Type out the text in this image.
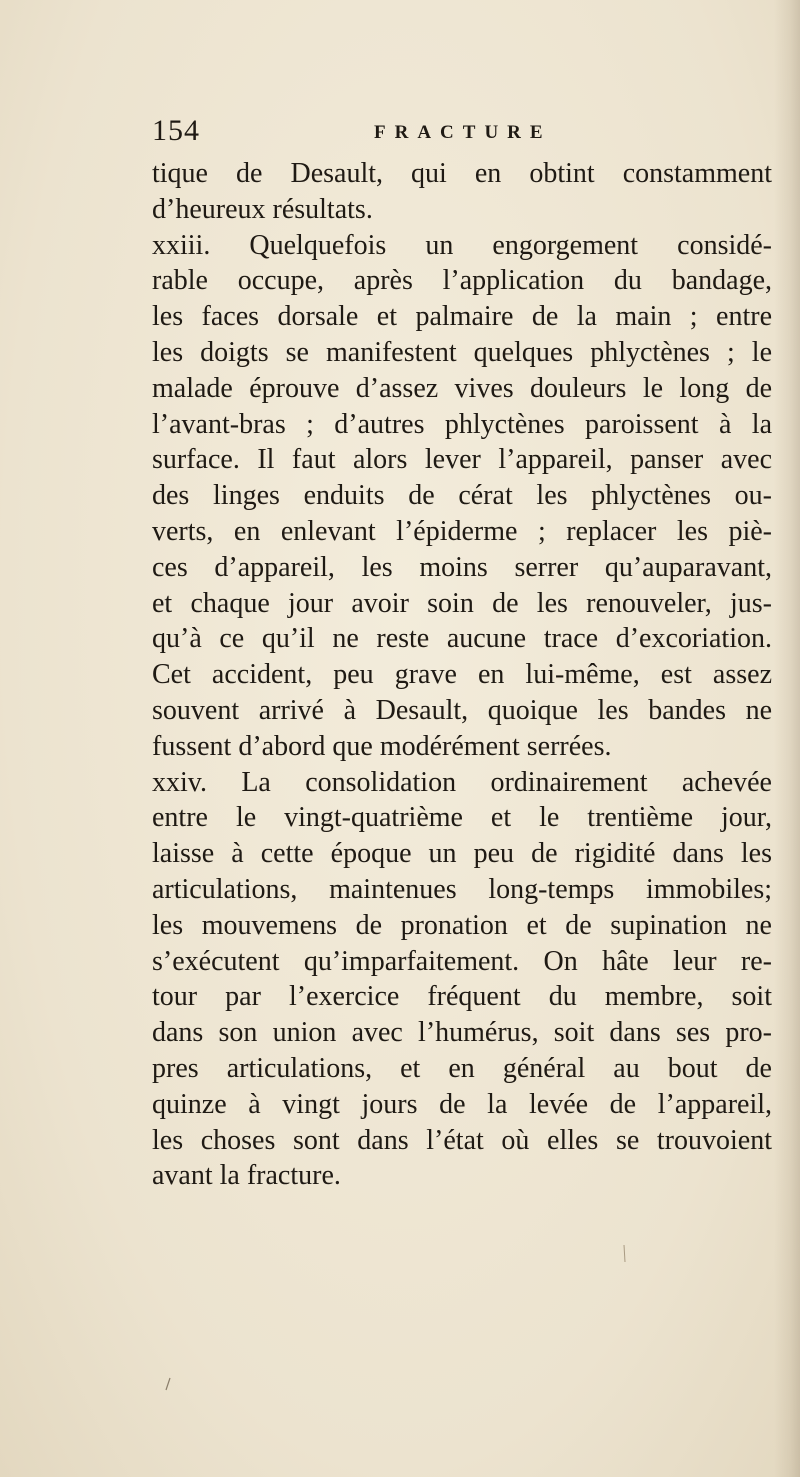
154	FRACTURE
tique de Desault, qui en obtint constamment
d’heureux résultats.
xxiii. Quelquefois un engorgement considé-
rable occupe, après l’application du bandage,
les faces dorsale et palmaire de la main ; entre
les doigts se manifestent quelques phlyctènes ; le
malade éprouve d’assez vives douleurs le long de
l’avant-bras ; d’autres phlyctènes paroissent à la
surface. Il faut alors lever l’appareil, panser avec
des linges enduits de cérat les phlyctènes ou-
verts, en enlevant l’épiderme ; replacer les piè-
ces d’appareil, les moins serrer qu’auparavant,
et chaque jour avoir soin de les renouveler, jus-
qu’à ce qu’il ne reste aucune trace d’excoriation.
Cet accident, peu grave en lui-même, est assez
souvent arrivé à Desault, quoique les bandes ne
fussent d’abord que modérément serrées.
xxiv. La consolidation ordinairement achevée
entre le vingt-quatrième et le trentième jour,
laisse à cette époque un peu de rigidité dans les
articulations, maintenues long-temps immobiles;
les mouvemens de pronation et de supination ne
s’exécutent qu’imparfaitement. On hâte leur re-
tour par l’exercice fréquent du membre, soit
dans son union avec l’humérus, soit dans ses pro-
pres articulations, et en général au bout de
quinze à vingt jours de la levée de l’appareil,
les choses sont dans l’état où elles se trouvoient
avant la fracture.
